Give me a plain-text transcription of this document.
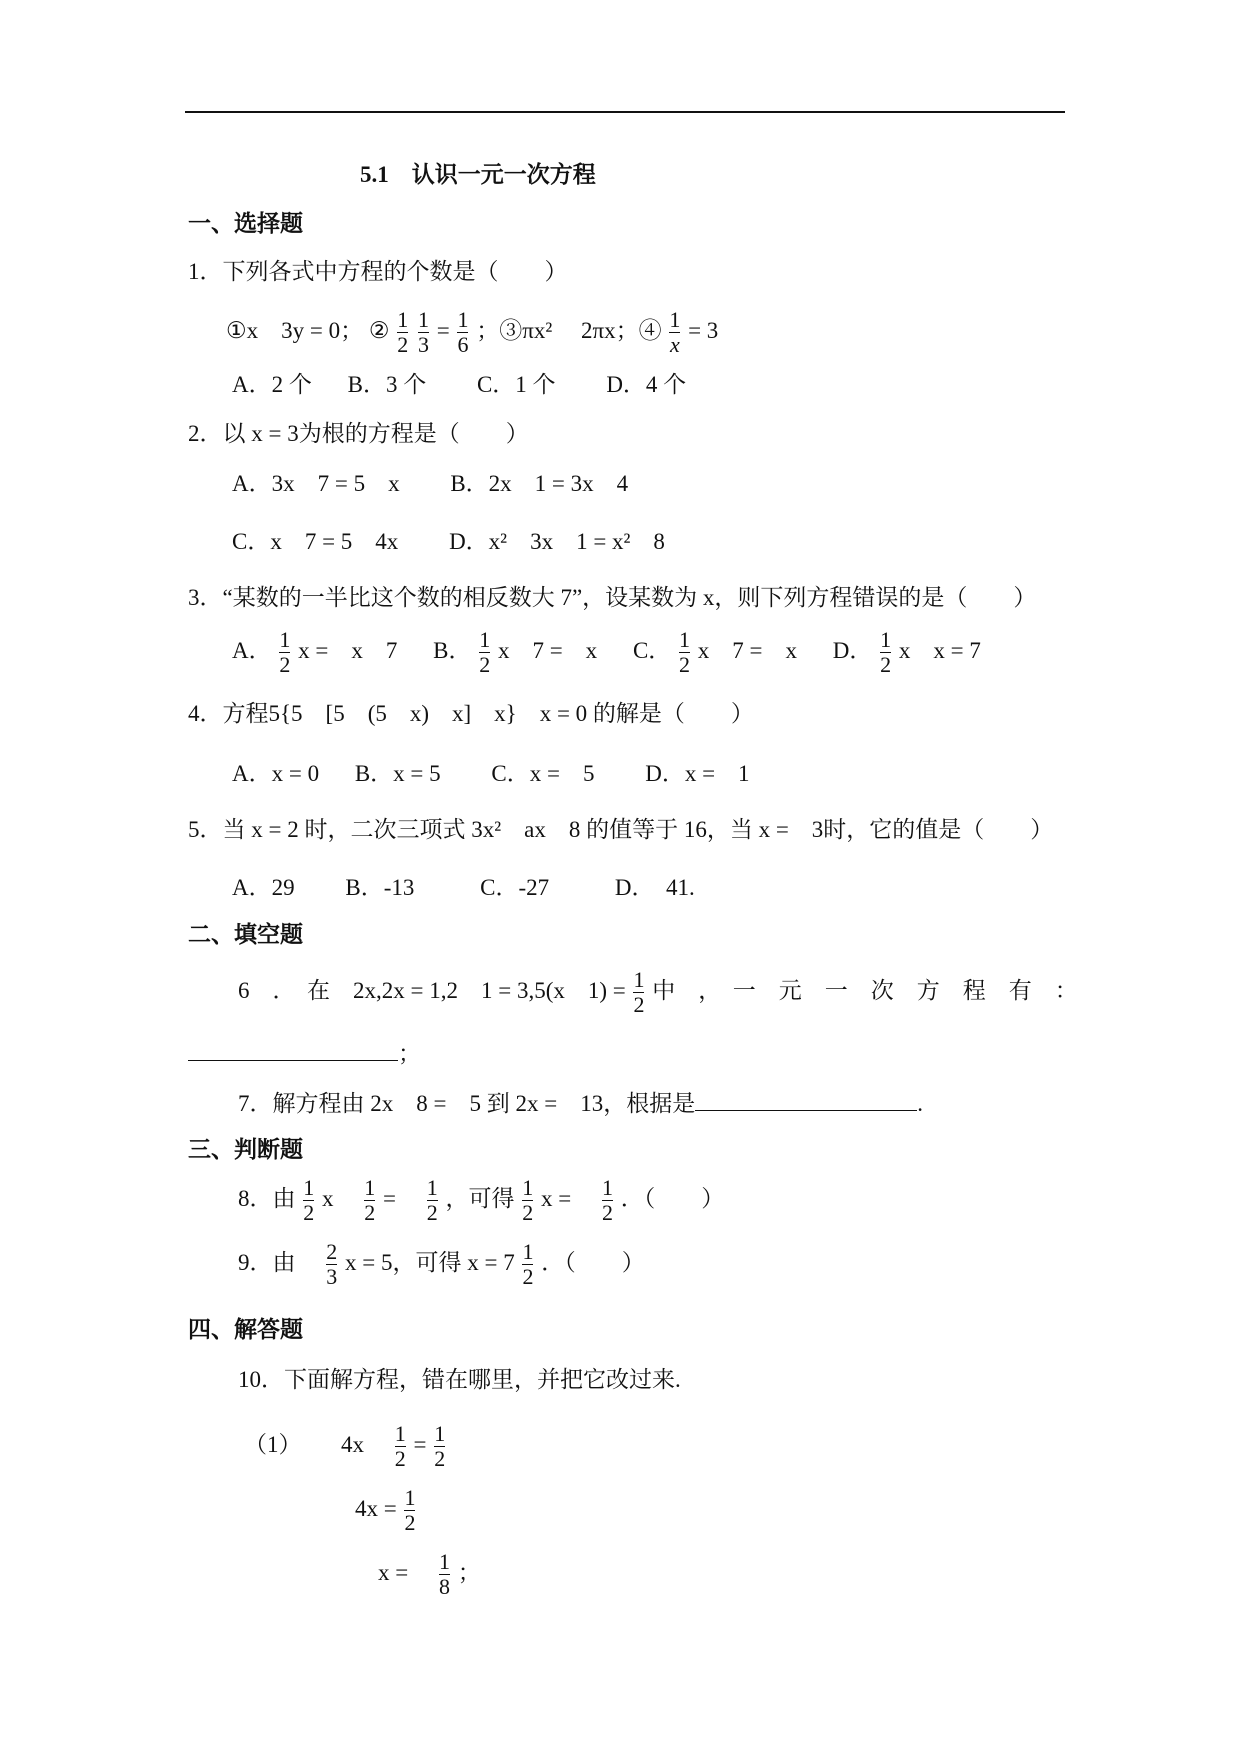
5.1　认识一元一次方程
一、选择题
1．下列各式中方程的个数是（　　）
①x　3y = 0； ② $\frac{1}{2}$
$\frac{1}{3} = \frac{1}{6}$ ；③πx² 　2πx；④ $\frac{1}{x} = 3$
A．2 个 B．3 个 C．1 个 D．4 个
2．以 x = 3为根的方程是（　　）
A．3x　7 = 5　x B．2x　1 = 3x　4
C．x　7 = 5　4x D．x²　3x　1 = x²　8
3．“某数的一半比这个数的相反数大 7”，设某数为 x，则下列方程错误的是（　　）
A． $\frac{1}{2}$ x =　x　7 B． $\frac{1}{2}$ x　7 =　x C． $\frac{1}{2}$ x　7 =　x D． $\frac{1}{2}$ x　x = 7
4．方程5{5　[5　(5　x)　x]　x}　x = 0 的解是（　　）
A．x = 0 B．x = 5 C．x =　5 D．x =　1
5．当 x = 2 时，二次三项式 3x²　ax　8 的值等于 16，当 x =　3时，它的值是（　　）
A．29 B．-13	C．-27	D．　41.
二、填空题
6　．　在　2x,2x = 1,2　1 = 3,5(x　$1) = \frac{1}{2}$ 中　，　一　元　一　次　方　程　有　：
；
7．解方程由 2x　8 =　5 到 2x =　13，根据是	.
三、判断题
8．由 $\frac{1}{2}$ x　 $\frac{1}{2}$ =　 $\frac{1}{2}$ ，可得 $\frac{1}{2}$ x =　 $\frac{1}{2}$ ．（　　）
9．由　 $\frac{2}{3}$ x = 5，可得 $x = 7 \frac{1}{2}$ ．（　　）
四、解答题
10．下面解方程，错在哪里，并把它改过来.
（1） 4x　 $\frac{1}{2} = \frac{1}{2}$
$4x = \frac{1}{2}$
x =　 $\frac{1}{8}$ ；
